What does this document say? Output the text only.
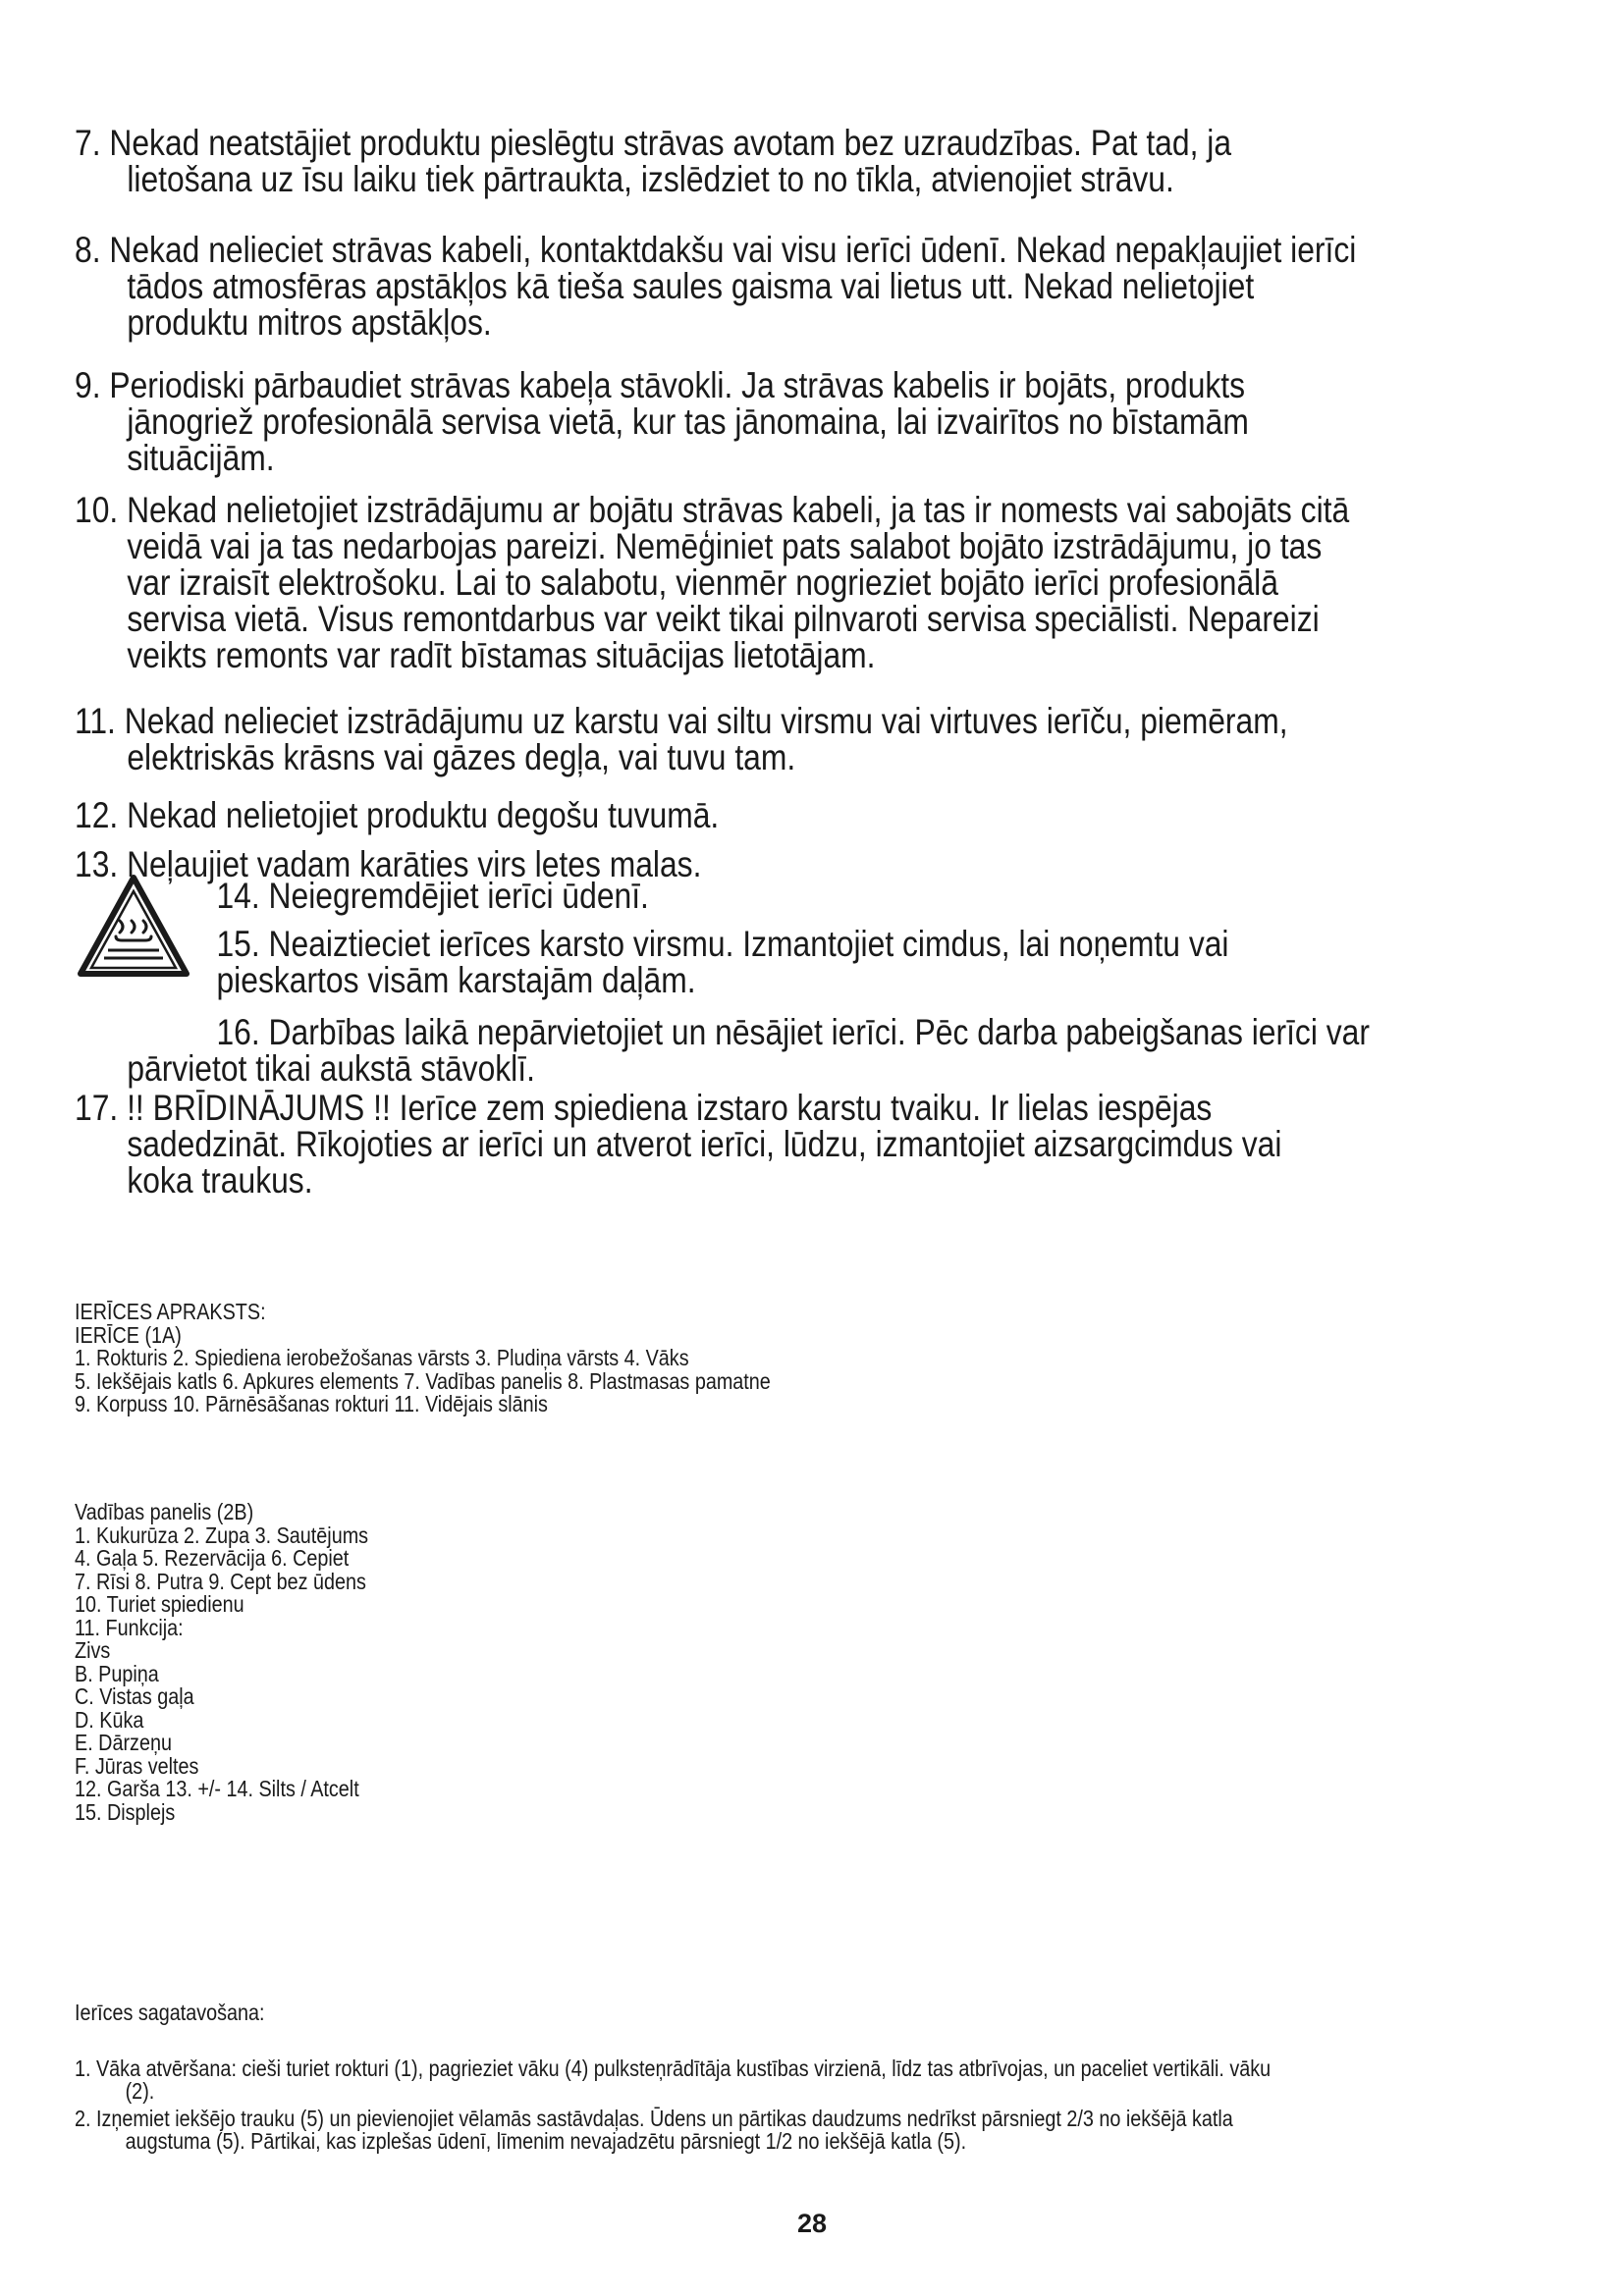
7. Nekad neatstājiet produktu pieslēgtu strāvas avotam bez uzraudzības. Pat tad, ja
lietošana uz īsu laiku tiek pārtraukta, izslēdziet to no tīkla, atvienojiet strāvu.
8. Nekad nelieciet strāvas kabeli, kontaktdakšu vai visu ierīci ūdenī. Nekad nepakļaujiet ierīci
tādos atmosfēras apstākļos kā tieša saules gaisma vai lietus utt. Nekad nelietojiet
produktu mitros apstākļos.
9. Periodiski pārbaudiet strāvas kabeļa stāvokli. Ja strāvas kabelis ir bojāts, produkts
jānogriež profesionālā servisa vietā, kur tas jānomaina, lai izvairītos no bīstamām
situācijām.
10. Nekad nelietojiet izstrādājumu ar bojātu strāvas kabeli, ja tas ir nomests vai sabojāts citā
veidā vai ja tas nedarbojas pareizi. Nemēģiniet pats salabot bojāto izstrādājumu, jo tas
var izraisīt elektrošoku. Lai to salabotu, vienmēr nogrieziet bojāto ierīci profesionālā
servisa vietā. Visus remontdarbus var veikt tikai pilnvaroti servisa speciālisti. Nepareizi
veikts remonts var radīt bīstamas situācijas lietotājam.
11. Nekad nelieciet izstrādājumu uz karstu vai siltu virsmu vai virtuves ierīču, piemēram,
elektriskās krāsns vai gāzes degļa, vai tuvu tam.
12. Nekad nelietojiet produktu degošu tuvumā.
13. Neļaujiet vadam karāties virs letes malas.
14. Neiegremdējiet ierīci ūdenī.
15. Neaiztieciet ierīces karsto virsmu. Izmantojiet cimdus, lai noņemtu vai
pieskartos visām karstajām daļām.
16. Darbības laikā nepārvietojiet un nēsājiet ierīci. Pēc darba pabeigšanas ierīci var
pārvietot tikai aukstā stāvoklī.
17. !! BRĪDINĀJUMS !! Ierīce zem spiediena izstaro karstu tvaiku. Ir lielas iespējas
sadedzināt. Rīkojoties ar ierīci un atverot ierīci, lūdzu, izmantojiet aizsargcimdus vai
koka traukus.
IERĪCES APRAKSTS:
IERĪCE (1A)
1. Rokturis 2. Spiediena ierobežošanas vārsts 3. Pludiņa vārsts 4. Vāks
5. Iekšējais katls 6. Apkures elements 7. Vadības panelis 8. Plastmasas pamatne
9. Korpuss 10. Pārnēsāšanas rokturi 11. Vidējais slānis
Vadības panelis (2B)
1. Kukurūza 2. Zupa 3. Sautējums
4. Gaļa 5. Rezervācija 6. Cepiet
7. Rīsi 8. Putra 9. Cept bez ūdens
10. Turiet spiedienu
11. Funkcija:
Zivs
B. Pupiņa
C. Vistas gaļa
D. Kūka
E. Dārzeņu
F. Jūras veltes
12. Garša 13. +/- 14. Silts / Atcelt
15. Displejs
Ierīces sagatavošana:
1. Vāka atvēršana: cieši turiet rokturi (1), pagrieziet vāku (4) pulksteņrādītāja kustības virzienā, līdz tas atbrīvojas, un paceliet vertikāli. vāku
(2).
2. Izņemiet iekšējo trauku (5) un pievienojiet vēlamās sastāvdaļas. Ūdens un pārtikas daudzums nedrīkst pārsniegt 2/3 no iekšējā katla
augstuma (5). Pārtikai, kas izplešas ūdenī, līmenim nevajadzētu pārsniegt 1/2 no iekšējā katla (5).
28
